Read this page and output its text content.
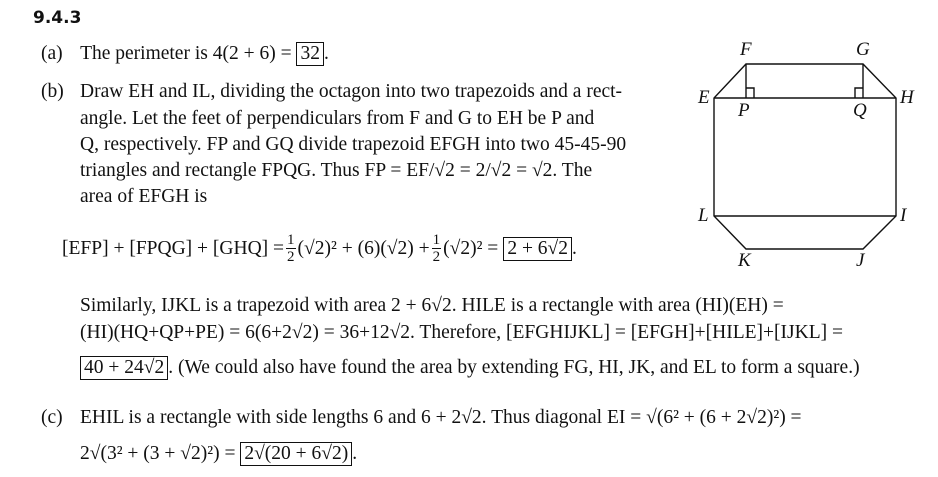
9.4.3
(a) The perimeter is 4(2 + 6) = 32 .
(b) Draw EH and IL, dividing the octagon into two trapezoids and a rect-
angle. Let the feet of perpendiculars from F and G to EH be P and
Q, respectively. FP and GQ divide trapezoid EFGH into two 45-45-90
triangles and rectangle FPQG. Thus FP = EF/√2 = 2/√2 = √2. The
area of EFGH is
[EFP] + [FPQG] + $[GHQ] = \frac{1}{2} (√2)^2 + (6)(√2) + \frac{1}{2} (√2)^2 = 2 + 6√2$ .
Similarly, IJKL is a trapezoid with area 2 + 6√2. HILE is a rectangle with area (HI)(EH) =
(HI)(HQ+QP+PE) = 6(6+2√2) = 36+12√2. Therefore, [EFGHIJKL] = [EFGH]+[HILE]+[IJKL] =
40 + 24√2 . (We could also have found the area by extending FG, HI, JK, and EL to form a square.)
(c) EHIL is a rectangle with side lengths 6 and 6 + 2√2. Thus diagonal EI = √(6² + (6 + 2√2)²) =
2√(3² + (3 + √2)²) = 2√(20 + 6√2) .
F	G
E	H
P	Q
L	I
K	J
